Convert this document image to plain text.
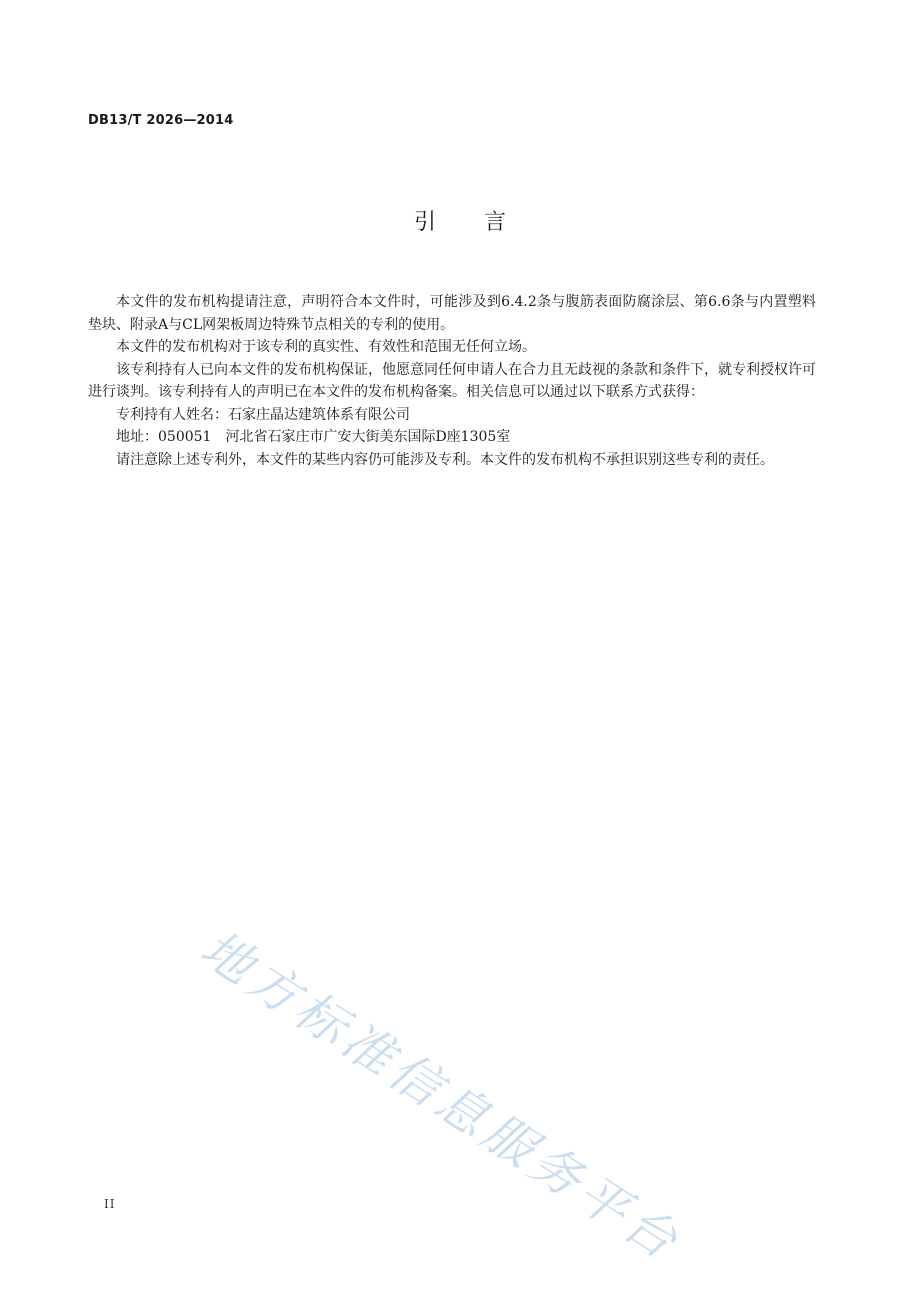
DB13/T 2026—2014
引言

本文件的发布机构提请注意，声明符合本文件时，可能涉及到6.4.2条与腹筋表面防腐涂层、第6.6条与内置塑料垫块、附录A与CL网架板周边特殊节点相关的专利的使用。

本文件的发布机构对于该专利的真实性、有效性和范围无任何立场。

该专利持有人已向本文件的发布机构保证，他愿意同任何申请人在合力且无歧视的条款和条件下，就专利授权许可进行谈判。该专利持有人的声明已在本文件的发布机构备案。相关信息可以通过以下联系方式获得：

专利持有人姓名：石家庄晶达建筑体系有限公司

地址：050051　河北省石家庄市广安大街美东国际D座1305室

请注意除上述专利外，本文件的某些内容仍可能涉及专利。本文件的发布机构不承担识别这些专利的责任。

地方标准信息服务平台
II
